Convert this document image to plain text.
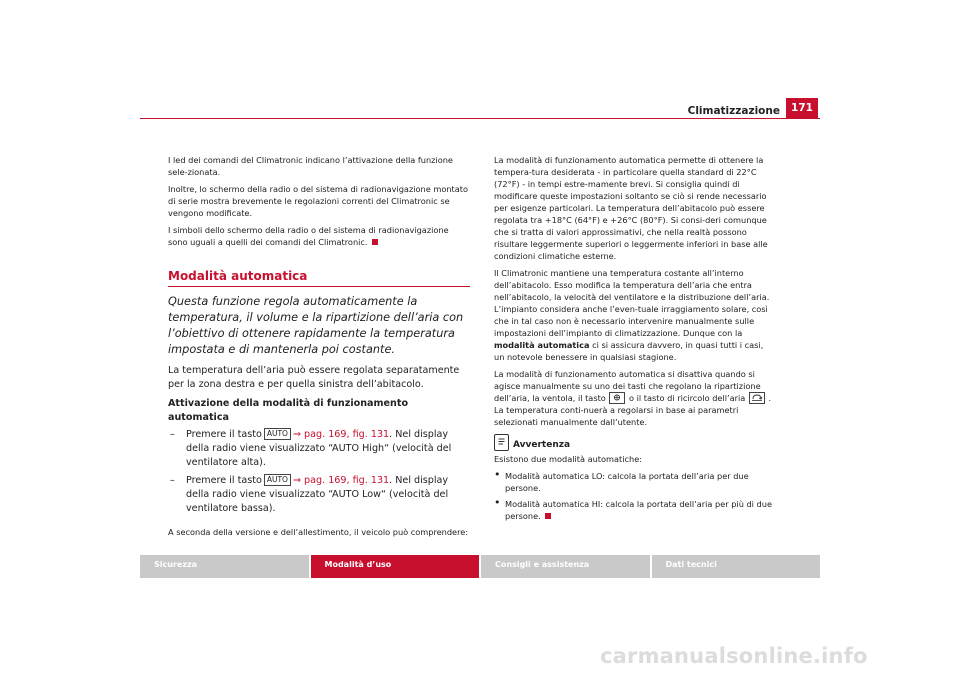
Climatizzazione	171

I led dei comandi del Climatronic indicano l’attivazione della funzione sele-zionata.

Inoltre, lo schermo della radio o del sistema di radionavigazione montato di serie mostra brevemente le regolazioni correnti del Climatronic se vengono modificate.

I simboli dello schermo della radio o del sistema di radionavigazione sono uguali a quelli dei comandi del Climatronic.

Modalità automatica
Questa funzione regola automaticamente la temperatura, il volume e la ripartizione dell’aria con l’obiettivo di ottenere rapidamente la temperatura impostata e di mantenerla poi costante.

La temperatura dell’aria può essere regolata separatamente per la zona destra e per quella sinistra dell’abitacolo.

Attivazione della modalità di funzionamento automatica

– Premere il tasto AUTO ⇒ pag. 169, fig. 131. Nel display della radio viene visualizzato “AUTO High“ (velocità del ventilatore alta).
– Premere il tasto AUTO ⇒ pag. 169, fig. 131. Nel display della radio viene visualizzato “AUTO Low“ (velocità del ventilatore bassa).

A seconda della versione e dell’allestimento, il veicolo può comprendere:

La modalità di funzionamento automatica permette di ottenere la tempera-tura desiderata - in particolare quella standard di 22°C (72°F) - in tempi estre-mamente brevi. Si consiglia quindi di modificare queste impostazioni soltanto se ciò si rende necessario per esigenze particolari. La temperatura dell’abitacolo può essere regolata tra +18°C (64°F) e +26°C (80°F). Si consi-deri comunque che si tratta di valori approssimativi, che nella realtà possono risultare leggermente superiori o leggermente inferiori in base alle condizioni climatiche esterne.

Il Climatronic mantiene una temperatura costante all’interno dell’abitacolo. Esso modifica la temperatura dell’aria che entra nell’abitacolo, la velocità del ventilatore e la distribuzione dell’aria. L’impianto considera anche l’even-tuale irraggiamento solare, così che in tal caso non è necessario intervenire manualmente sulle impostazioni dell’impianto di climatizzazione. Dunque con la modalità automatica ci si assicura davvero, in quasi tutti i casi, un notevole benessere in qualsiasi stagione.

La modalità di funzionamento automatica si disattiva quando si agisce manualmente su uno dei tasti che regolano la ripartizione dell’aria, la ventola, il tasto	o il tasto di ricircolo dell’aria	. La temperatura conti-nuerà a regolarsi in base ai parametri selezionati manualmente dall’utente.

Avvertenza

Esistono due modalità automatiche:

• Modalità automatica LO: calcola la portata dell’aria per due persone.
• Modalità automatica HI: calcola la portata dell’aria per più di due persone.
Sicurezza	Modalità d’uso	Consigli e assistenza	Dati tecnici
carmanualsonline.info
